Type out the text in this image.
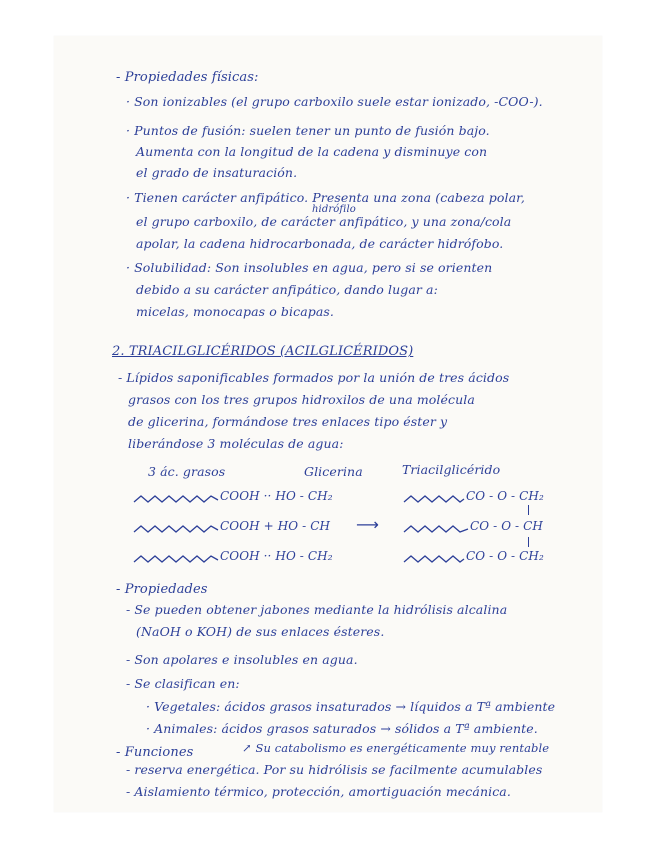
- Propiedades físicas:
· Son ionizables (el grupo carboxilo suele estar ionizado, -COO-).
· Puntos de fusión: suelen tener un punto de fusión bajo.
Aumenta con la longitud de la cadena y disminuye con
el grado de insaturación.
· Tienen carácter anfipático. Presenta una zona (cabeza polar,
hidrófilo
el grupo carboxilo, de carácter anfipático, y una zona/cola
apolar, la cadena hidrocarbonada, de carácter hidrófobo.
· Solubilidad: Son insolubles en agua, pero si se orienten
debido a su carácter anfipático, dando lugar a:
micelas, monocapas o bicapas.
2. TRIACILGLICÉRIDOS (ACILGLICÉRIDOS)
- Lípidos saponificables formados por la unión de tres ácidos
grasos con los tres grupos hidroxilos de una molécula
de glicerina, formándose tres enlaces tipo éster y
liberándose 3 moléculas de agua:
3 ác. grasos	Glicerina	Triacilglicérido
COOH ·· HO - CH₂	CO - O - CH₂
COOH + HO - CH ⟶	CO - O - CH
COOH ·· HO - CH₂	CO - O - CH₂
- Propiedades
- Se pueden obtener jabones mediante la hidrólisis alcalina
(NaOH o KOH) de sus enlaces ésteres.
- Son apolares e insolubles en agua.
- Se clasifican en:
· Vegetales: ácidos grasos insaturados → líquidos a Tª ambiente
· Animales: ácidos grasos saturados → sólidos a Tª ambiente.
- Funciones	↗ Su catabolismo es energéticamente muy rentable
- reserva energética. Por su hidrólisis se facilmente acumulables
- Aislamiento térmico, protección, amortiguación mecánica.
